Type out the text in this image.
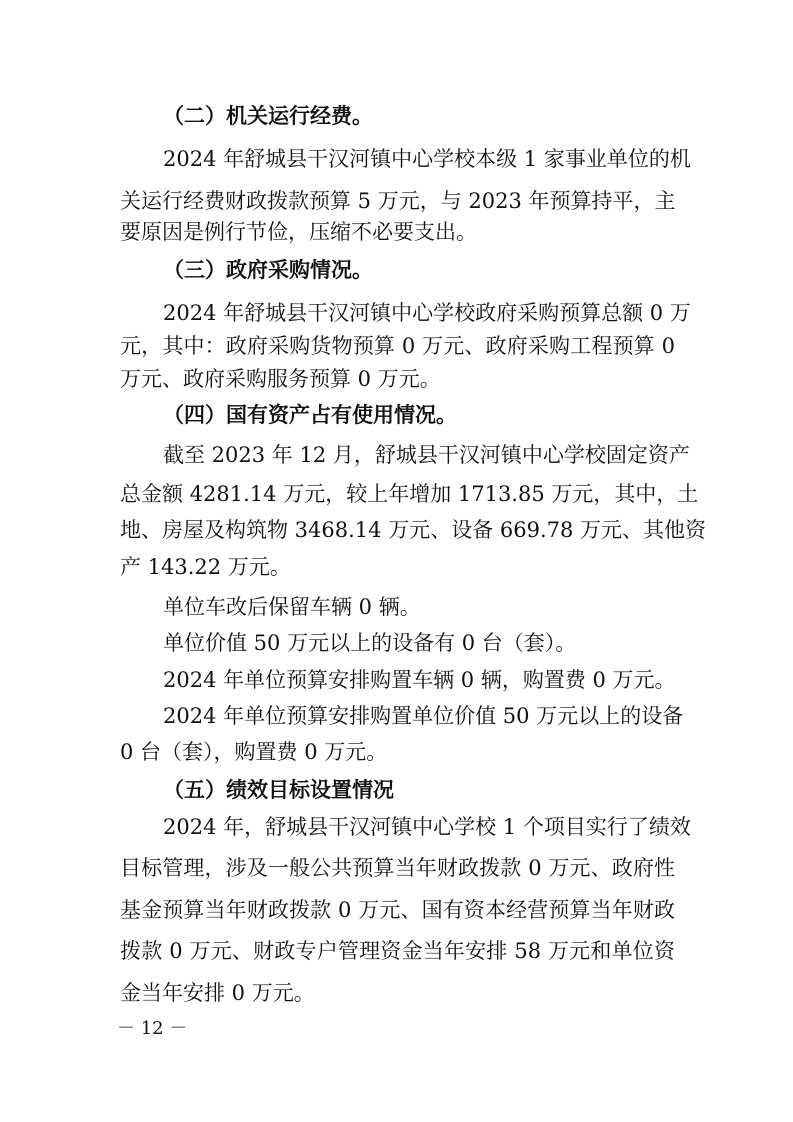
（二）机关运行经费。
2024 年舒城县干汉河镇中心学校本级 1 家事业单位的机
关运行经费财政拨款预算 5 万元，与 2023 年预算持平，主
要原因是例行节俭，压缩不必要支出。
（三）政府采购情况。
2024 年舒城县干汉河镇中心学校政府采购预算总额 0 万
元，其中：政府采购货物预算 0 万元、政府采购工程预算 0
万元、政府采购服务预算 0 万元。
（四）国有资产占有使用情况。
截至 2023 年 12 月，舒城县干汉河镇中心学校固定资产
总金额 4281.14 万元，较上年增加 1713.85 万元，其中，土
地、房屋及构筑物 3468.14 万元、设备 669.78 万元、其他资
产 143.22 万元。
单位车改后保留车辆 0 辆。
单位价值 50 万元以上的设备有 0 台（套）。
2024 年单位预算安排购置车辆 0 辆，购置费 0 万元。
2024 年单位预算安排购置单位价值 50 万元以上的设备
0 台（套），购置费 0 万元。
（五）绩效目标设置情况
2024 年，舒城县干汉河镇中心学校 1 个项目实行了绩效
目标管理，涉及一般公共预算当年财政拨款 0 万元、政府性
基金预算当年财政拨款 0 万元、国有资本经营预算当年财政
拨款 0 万元、财政专户管理资金当年安排 58 万元和单位资
金当年安排 0 万元。
－ 12 －
